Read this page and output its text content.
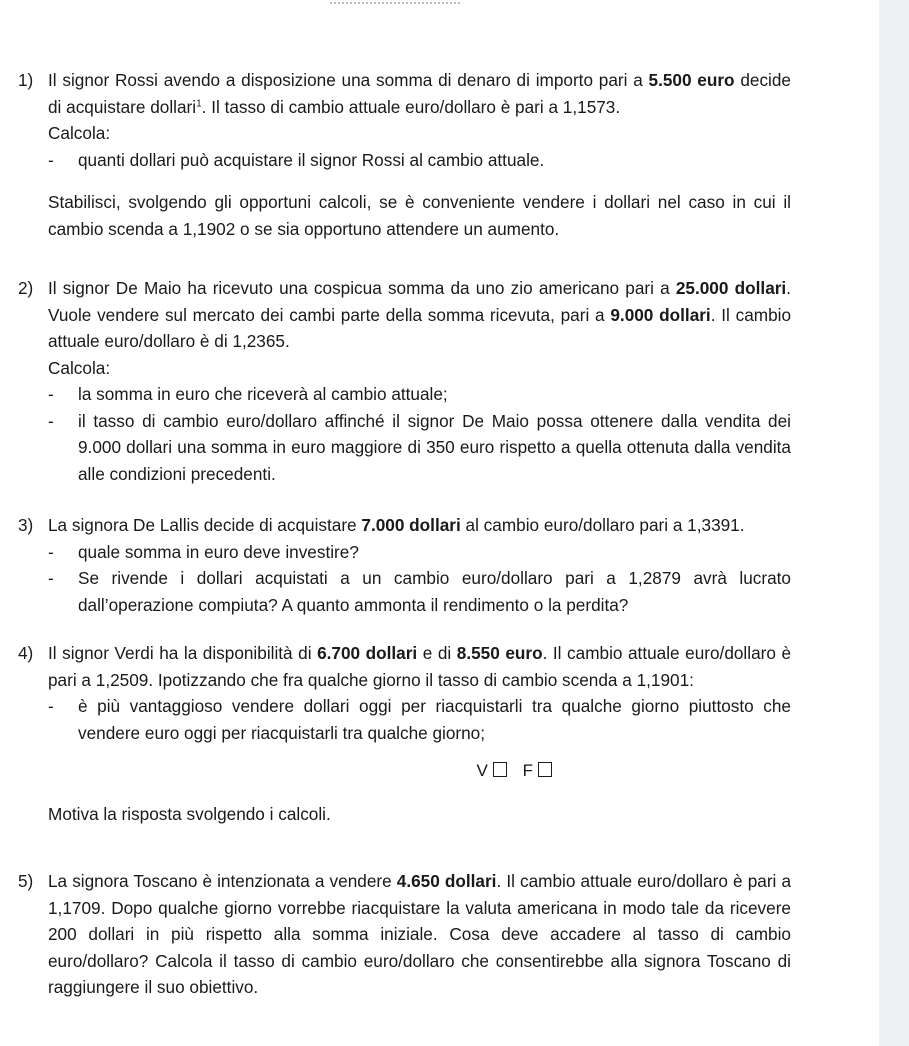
1) Il signor Rossi avendo a disposizione una somma di denaro di importo pari a 5.500 euro decide di acquistare dollari$^1$. Il tasso di cambio attuale euro/dollaro è pari a 1,1573.
Calcola:
- quanti dollari può acquistare il signor Rossi al cambio attuale.
Stabilisci, svolgendo gli opportuni calcoli, se è conveniente vendere i dollari nel caso in cui il cambio scenda a 1,1902 o se sia opportuno attendere un aumento.
2) Il signor De Maio ha ricevuto una cospicua somma da uno zio americano pari a 25.000 dollari. Vuole vendere sul mercato dei cambi parte della somma ricevuta, pari a 9.000 dollari. Il cambio attuale euro/dollaro è di 1,2365.
Calcola:
- la somma in euro che riceverà al cambio attuale;
- il tasso di cambio euro/dollaro affinché il signor De Maio possa ottenere dalla vendita dei 9.000 dollari una somma in euro maggiore di 350 euro rispetto a quella ottenuta dalla vendita alle condizioni precedenti.
3) La signora De Lallis decide di acquistare 7.000 dollari al cambio euro/dollaro pari a 1,3391.
- quale somma in euro deve investire?
- Se rivende i dollari acquistati a un cambio euro/dollaro pari a 1,2879 avrà lucrato dall’operazione compiuta? A quanto ammonta il rendimento o la perdita?
4) Il signor Verdi ha la disponibilità di 6.700 dollari e di 8.550 euro. Il cambio attuale euro/dollaro è pari a 1,2509. Ipotizzando che fra qualche giorno il tasso di cambio scenda a 1,1901:
- è più vantaggioso vendere dollari oggi per riacquistarli tra qualche giorno piuttosto che vendere euro oggi per riacquistarli tra qualche giorno;
V F
Motiva la risposta svolgendo i calcoli.
5) La signora Toscano è intenzionata a vendere 4.650 dollari. Il cambio attuale euro/dollaro è pari a 1,1709. Dopo qualche giorno vorrebbe riacquistare la valuta americana in modo tale da ricevere 200 dollari in più rispetto alla somma iniziale. Cosa deve accadere al tasso di cambio euro/dollaro? Calcola il tasso di cambio euro/dollaro che consentirebbe alla signora Toscano di raggiungere il suo obiettivo.
